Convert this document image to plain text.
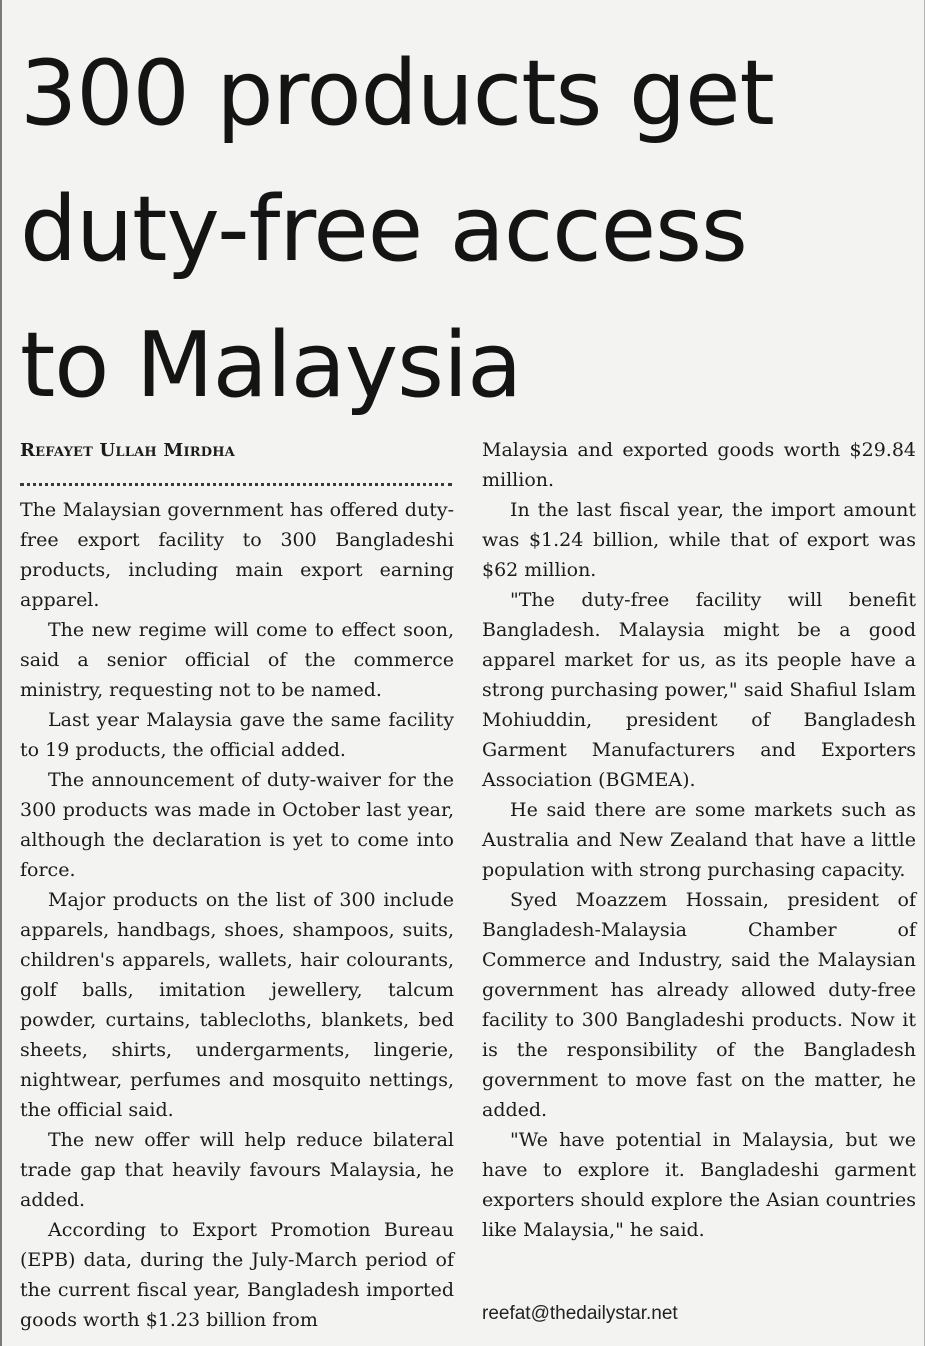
300 products get
duty-free access
to Malaysia
Refayet Ullah Mirdha

The Malaysian government has offered duty-free export facility to 300 Bangladeshi products, including main export earning apparel.

The new regime will come to effect soon, said a senior official of the commerce ministry, requesting not to be named.

Last year Malaysia gave the same facility to 19 products, the official added.

The announcement of duty-waiver for the 300 products was made in October last year, although the declaration is yet to come into force.

Major products on the list of 300 include apparels, handbags, shoes, shampoos, suits, children's apparels, wallets, hair colourants, golf balls, imitation jewellery, talcum powder, curtains, tablecloths, blankets, bed sheets, shirts, undergarments, lingerie, nightwear, perfumes and mosquito nettings, the official said.

The new offer will help reduce bilateral trade gap that heavily favours Malaysia, he added.

According to Export Promotion Bureau (EPB) data, during the July-March period of the current fiscal year, Bangladesh imported goods worth $1.23 billion from

Malaysia and exported goods worth $29.84 million.

In the last fiscal year, the import amount was $1.24 billion, while that of export was $62 million.

"The duty-free facility will benefit Bangladesh. Malaysia might be a good apparel market for us, as its people have a strong purchasing power," said Shafiul Islam Mohiuddin, president of Bangladesh Garment Manufacturers and Exporters Association (BGMEA).

He said there are some markets such as Australia and New Zealand that have a little population with strong purchasing capacity.

Syed Moazzem Hossain, president of Bangladesh-Malaysia Chamber of Commerce and Industry, said the Malaysian government has already allowed duty-free facility to 300 Bangladeshi products. Now it is the responsibility of the Bangladesh government to move fast on the matter, he added.

"We have potential in Malaysia, but we have to explore it. Bangladeshi garment exporters should explore the Asian countries like Malaysia," he said.

reefat@thedailystar.net
